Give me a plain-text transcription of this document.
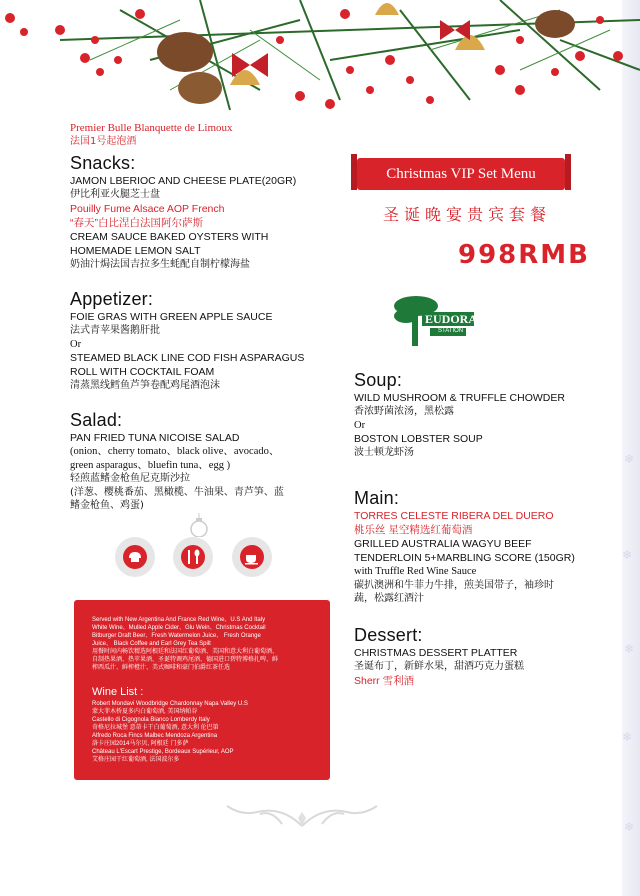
❄
❄
❄
❄
❄
Premier Bulle Blanquette de Limoux
法国1号起泡酒
Snacks:
JAMON LBERIOC AND CHEESE PLATE(20GR)
伊比利亚火腿芝士盘
Pouilly Fume Alsace AOP French
“春天”白比涅白法国阿尔萨斯
CREAM SAUCE BAKED OYSTERS WITH
HOMEMADE LEMON SALT
奶油汁焗法国吉拉多生蚝配自制柠檬海盐
Appetizer:
FOIE GRAS WITH GREEN APPLE SAUCE
法式青苹果酱鹅肝批
Or
STEAMED BLACK LINE COD FISH ASPARAGUS
ROLL WITH COCKTAIL FOAM
清蒸黑线鳕鱼芦笋卷配鸡尾酒泡沫
Salad:
PAN FRIED TUNA NICOISE SALAD
(onion、cherry tomato、black olive、avocado、
green asparagus、bluefin tuna、egg )
轻煎蓝鳍金枪鱼尼克斯沙拉
(洋葱、樱桃番茄、黑橄榄、牛油果、青芦笋、蓝
鳍金枪鱼、鸡蛋)
Served with New Argentina And France Red Wine、U.S And Italy
White Wine、Mulled Apple Cider、Glu Wein、Christmas Cocktail
Bitburger Draft Beer、Fresh Watermelon Juice、 Fresh Orange
Juice、 Black Coffee and Earl Grey Tea Spilt
用餐时间内畅饮精选阿根廷和法国红葡萄酒、美国和意大利白葡萄酒、
自制热果酒、热苹果酒、圣诞特调鸡尾酒、德国进口碧特博格扎啤、鲜
榨西瓜汁、鲜榨橙汁、美式咖啡和豪门伯爵红茶任选
Wine List :
Robert Mondavi Woodbridge Chardonnay Napa Valley U.S
蒙大菲木桥夏多内白葡萄酒, 美国纳帕谷
Castello di Cigognola Bianco Lomberdy Italy
奇格尼拉城堡 意蒂卡干白葡萄酒, 意大利 伦巴第
Alfredo Roca Fincs Malbec Mendoza Argentina
洛卡庄园2014马尔贝, 阿根廷 门多萨
Château L'Escart Prestige, Bordeaux Supérieur, AOP
艾格庄园干红葡萄酒, 法国波尔多
Christmas VIP Set Menu
圣诞晚宴贵宾套餐
998RMB
EUDORA
STATION
Soup:
WILD MUSHROOM & TRUFFLE CHOWDER
香浓野菌浓汤，黑松露
Or
BOSTON LOBSTER SOUP
波士顿龙虾汤
Main:
TORRES CELESTE RIBERA DEL DUERO
桃乐丝 星空精选红葡萄酒
GRILLED AUSTRALIA WAGYU BEEF
TENDERLOIN 5+MARBLING SCORE (150GR)
with Truffle Red Wine Sauce
碳扒澳洲和牛菲力牛排，煎美国带子，袖珍时
蔬，松露红酒汁
Dessert:
CHRISTMAS DESSERT PLATTER
圣诞布丁，新鲜水果，甜酒巧克力蛋糕
Sherr 雪利酒
